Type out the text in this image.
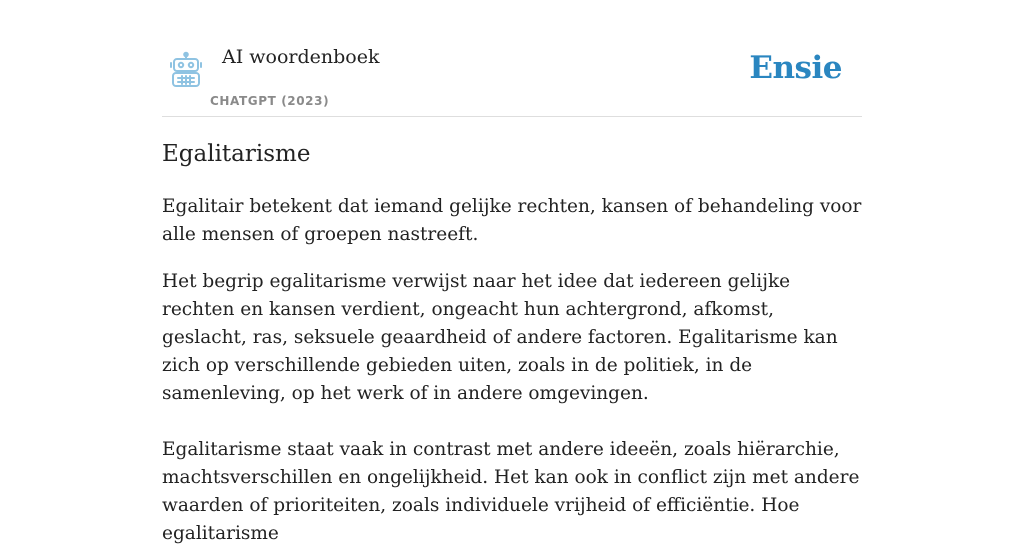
AI woordenboek
CHATGPT (2023)
Ensie
Egalitarisme

Egalitair betekent dat iemand gelijke rechten, kansen of behandeling voor alle mensen of groepen nastreeft.

Het begrip egalitarisme verwijst naar het idee dat iedereen gelijke rechten en kansen verdient, ongeacht hun achtergrond, afkomst, geslacht, ras, seksuele geaardheid of andere factoren. Egalitarisme kan zich op verschillende gebieden uiten, zoals in de politiek, in de samenleving, op het werk of in andere omgevingen.

Egalitarisme staat vaak in contrast met andere ideeën, zoals hiërarchie, machtsverschillen en ongelijkheid. Het kan ook in conflict zijn met andere waarden of prioriteiten, zoals individuele vrijheid of efficiëntie. Hoe egalitarisme
